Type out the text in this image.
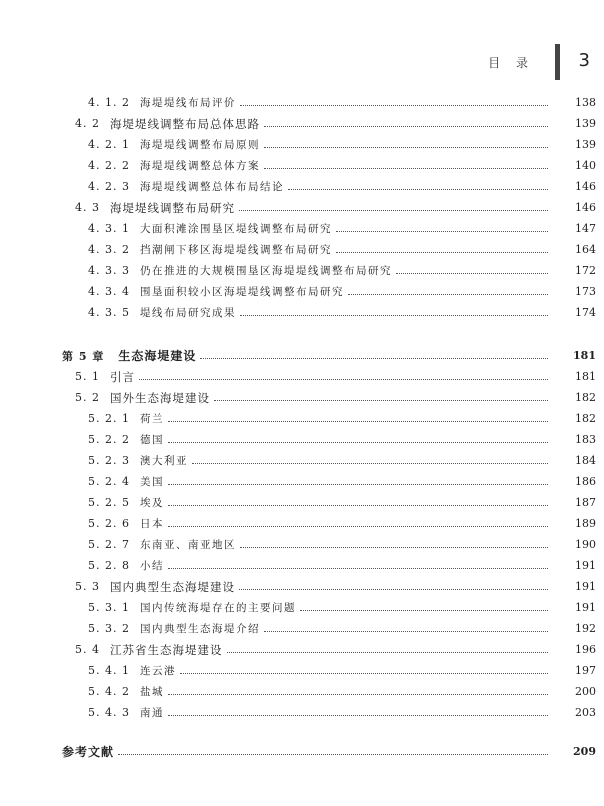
目 录 3
4. 1. 2 海堤堤线布局评价	138
4. 2 海堤堤线调整布局总体思路	139
4. 2. 1 海堤堤线调整布局原则	139
4. 2. 2 海堤堤线调整总体方案	140
4. 2. 3 海堤堤线调整总体布局结论	146
4. 3 海堤堤线调整布局研究	146
4. 3. 1 大面积滩涂围垦区堤线调整布局研究	147
4. 3. 2 挡潮闸下移区海堤堤线调整布局研究	164
4. 3. 3 仍在推进的大规模围垦区海堤堤线调整布局研究	172
4. 3. 4 围垦面积较小区海堤堤线调整布局研究	173
4. 3. 5 堤线布局研究成果	174
第 5 章 生态海堤建设	181
5. 1 引言	181
5. 2 国外生态海堤建设	182
5. 2. 1 荷兰	182
5. 2. 2 德国	183
5. 2. 3 澳大利亚	184
5. 2. 4 美国	186
5. 2. 5 埃及	187
5. 2. 6 日本	189
5. 2. 7 东南亚、南亚地区	190
5. 2. 8 小结	191
5. 3 国内典型生态海堤建设	191
5. 3. 1 国内传统海堤存在的主要问题	191
5. 3. 2 国内典型生态海堤介绍	192
5. 4 江苏省生态海堤建设	196
5. 4. 1 连云港	197
5. 4. 2 盐城	200
5. 4. 3 南通	203
参考文献	209
